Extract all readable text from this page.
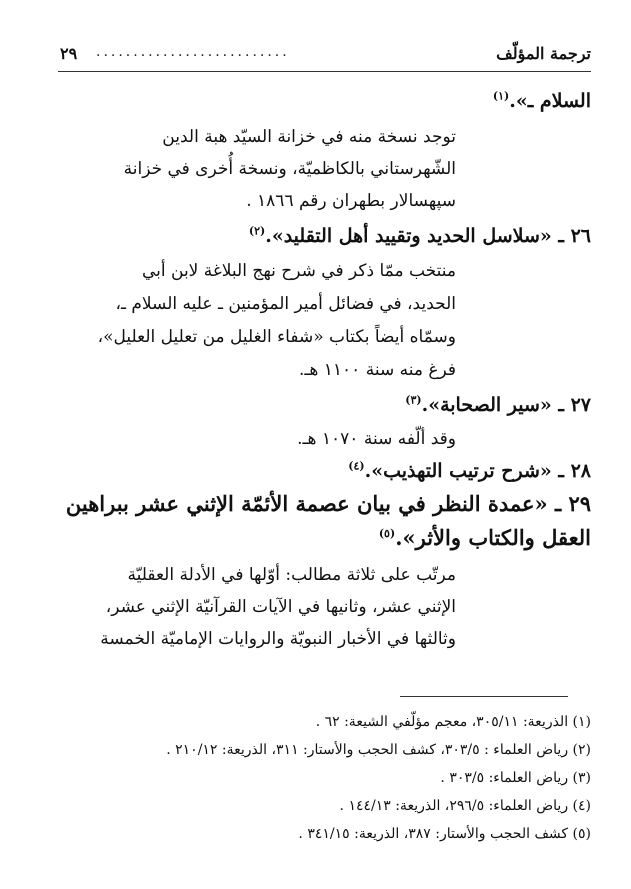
ترجمة المؤلّف
..........................
٢٩
السلام ـ».$^{(١)}$
توجد نسخة منه في خزانة السيّد هبة الدين
الشّهرستاني بالكاظميّة، ونسخة أُخرى في خزانة
سپهسالار بطهران رقم ١٨٦٦ .
٢٦ ـ «سلاسل الحديد وتقييد أهل التقليد».$^{(٢)}$
منتخب ممّا ذكر في شرح نهج البلاغة لابن أبي
الحديد، في فضائل أمير المؤمنين ـ عليه السلام ـ،
وسمّاه أيضاً بكتاب «شفاء الغليل من تعليل العليل»،
فرغ منه سنة ١١٠٠ هـ.
٢٧ ـ «سير الصحابة».$^{(٣)}$
وقد ألّفه سنة ١٠٧٠ هـ.
٢٨ ـ «شرح ترتيب التهذيب».$^{(٤)}$
٢٩ ـ «عمدة النظر في بيان عصمة الأئمّة الإثني عشر ببراهين
العقل والكتاب والأثر».$^{(٥)}$
مرتّب على ثلاثة مطالب: أوّلها في الأدلة العقليّة
الإثني عشر، وثانيها في الآيات القرآنيّة الإثني عشر،
وثالثها في الأخبار النبويّة والروايات الإماميّة الخمسة
(١) الذريعة: ٣٠٥/١١، معجم مؤلّفي الشيعة: ٦٢ .
(٢) رياض العلماء : ٣٠٣/٥، كشف الحجب والأستار: ٣١١، الذريعة: ٢١٠/١٢ .
(٣) رياض العلماء: ٣٠٣/٥ .
(٤) رياض العلماء: ٢٩٦/٥، الذريعة: ١٤٤/١٣ .
(٥) كشف الحجب والأستار: ٣٨٧، الذريعة: ٣٤١/١٥ .
